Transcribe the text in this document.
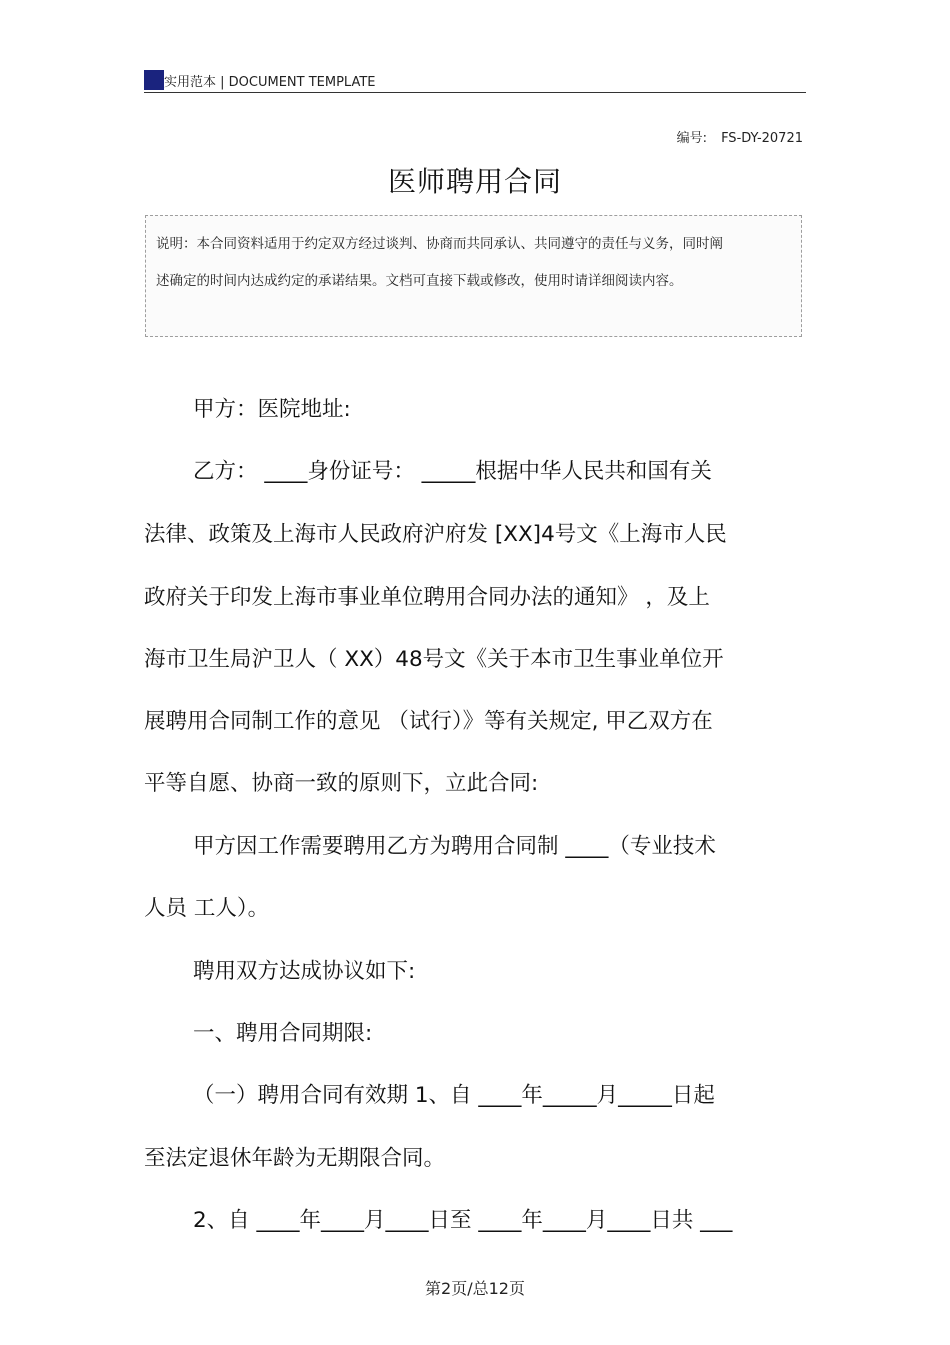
实用范本 | DOCUMENT TEMPLATE
编号: FS-DY-20721
医师聘用合同
说明：本合同资料适用于约定双方经过谈判、协商而共同承认、共同遵守的责任与义务，同时阐述确定的时间内达成约定的承诺结果。文档可直接下载或修改，使用时请详细阅读内容。
甲方：医院地址:
乙方： ____身份证号： _____根据中华人民共和国有关
法律、政策及上海市人民政府沪府发 [XX]4号文《上海市人民
政府关于印发上海市事业单位聘用合同办法的通知》 ，及上
海市卫生局沪卫人（ XX）48号文《关于本市卫生事业单位开
展聘用合同制工作的意见 （试行）》等有关规定, 甲乙双方在
平等自愿、协商一致的原则下，立此合同:
甲方因工作需要聘用乙方为聘用合同制 ____（专业技术
人员 工人）。
聘用双方达成协议如下:
一、聘用合同期限:
（一）聘用合同有效期 1、自 ____年_____月_____日起
至法定退休年龄为无期限合同。
2、自 ____年____月____日至 ____年____月____日共 ___
第2页/总12页
